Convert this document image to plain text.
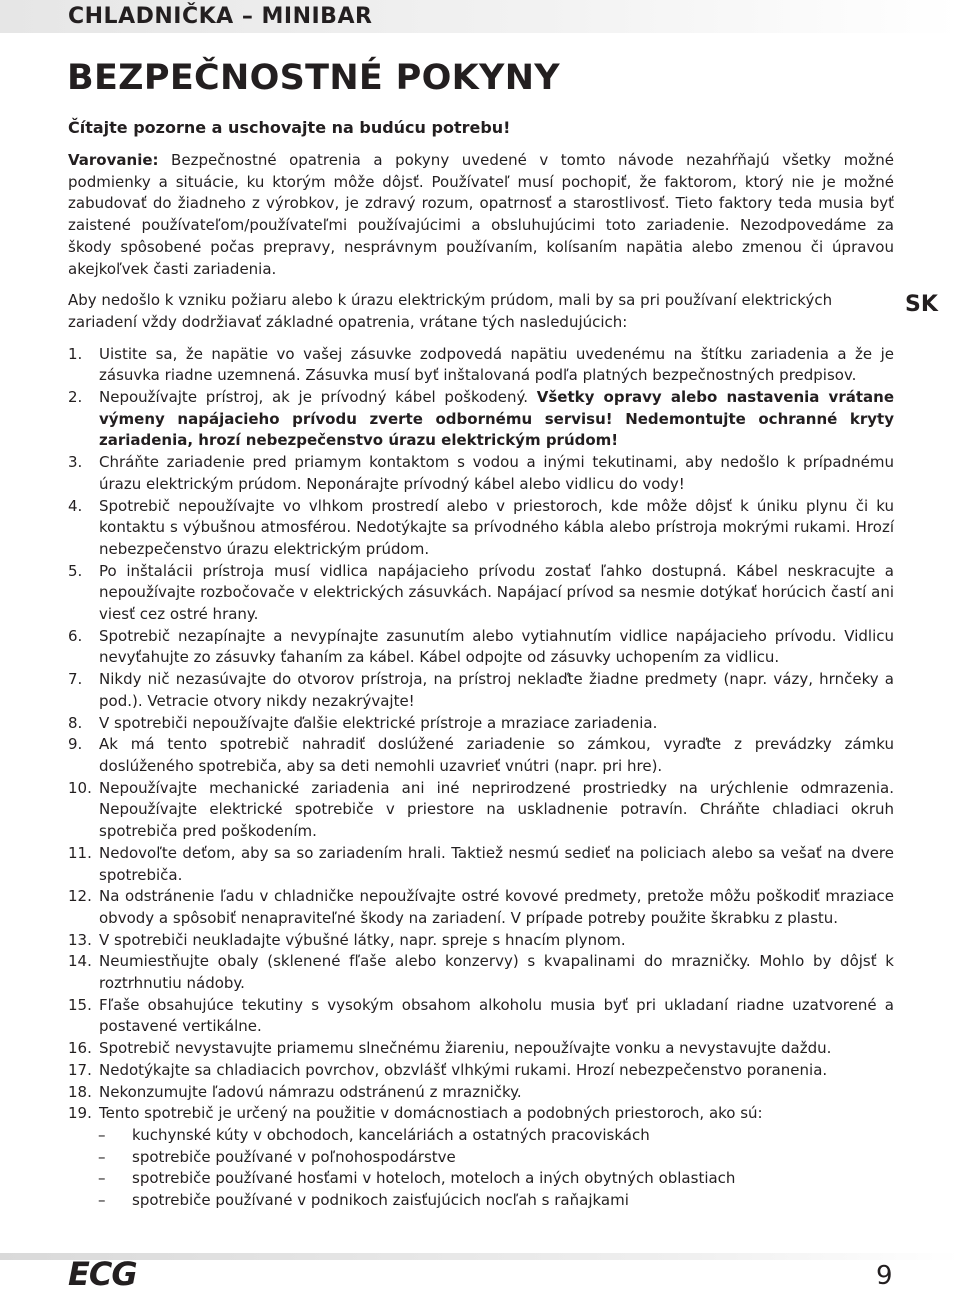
CHLADNIČKA – MINIBAR
BEZPEČNOSTNÉ POKYNY

Čítajte pozorne a uschovajte na budúcu potrebu!

SK

Varovanie: Bezpečnostné opatrenia a pokyny uvedené v tomto návode nezahŕňajú všetky možné podmienky a situácie, ku ktorým môže dôjsť. Používateľ musí pochopiť, že faktorom, ktorý nie je možné zabudovať do žiadneho z výrobkov, je zdravý rozum, opatrnosť a starostlivosť. Tieto faktory teda musia byť zaistené používateľom/používateľmi používajúcimi a obsluhujúcimi toto zariadenie. Nezodpovedáme za škody spôsobené počas prepravy, nesprávnym používaním, kolísaním napätia alebo zmenou či úpravou akejkoľvek časti zariadenia.

Aby nedošlo k vzniku požiaru alebo k úrazu elektrickým prúdom, mali by sa pri používaní elektrických zariadení vždy dodržiavať základné opatrenia, vrátane tých nasledujúcich:

1.	Uistite sa, že napätie vo vašej zásuvke zodpovedá napätiu uvedenému na štítku zariadenia a že je zásuvka riadne uzemnená. Zásuvka musí byť inštalovaná podľa platných bezpečnostných predpisov.
2.	Nepoužívajte prístroj, ak je prívodný kábel poškodený. Všetky opravy alebo nastavenia vrátane výmeny napájacieho prívodu zverte odbornému servisu! Nedemontujte ochranné kryty zariadenia, hrozí nebezpečenstvo úrazu elektrickým prúdom!
3.	Chráňte zariadenie pred priamym kontaktom s vodou a inými tekutinami, aby nedošlo k prípadnému úrazu elektrickým prúdom. Neponárajte prívodný kábel alebo vidlicu do vody!
4.	Spotrebič nepoužívajte vo vlhkom prostredí alebo v priestoroch, kde môže dôjsť k úniku plynu či ku kontaktu s výbušnou atmosférou. Nedotýkajte sa prívodného kábla alebo prístroja mokrými rukami. Hrozí nebezpečenstvo úrazu elektrickým prúdom.
5.	Po inštalácii prístroja musí vidlica napájacieho prívodu zostať ľahko dostupná. Kábel neskracujte a nepoužívajte rozbočovače v elektrických zásuvkách. Napájací prívod sa nesmie dotýkať horúcich častí ani viesť cez ostré hrany.
6.	Spotrebič nezapínajte a nevypínajte zasunutím alebo vytiahnutím vidlice napájacieho prívodu. Vidlicu nevyťahujte zo zásuvky ťahaním za kábel. Kábel odpojte od zásuvky uchopením za vidlicu.
7.	Nikdy nič nezasúvajte do otvorov prístroja, na prístroj neklaďte žiadne predmety (napr. vázy, hrnčeky a pod.). Vetracie otvory nikdy nezakrývajte!
8.	V spotrebiči nepoužívajte ďalšie elektrické prístroje a mraziace zariadenia.
9.	Ak má tento spotrebič nahradiť doslúžené zariadenie so zámkou, vyraďte z prevádzky zámku doslúženého spotrebiča, aby sa deti nemohli uzavrieť vnútri (napr. pri hre).
10. Nepoužívajte mechanické zariadenia ani iné neprirodzené prostriedky na urýchlenie odmrazenia. Nepoužívajte elektrické spotrebiče v priestore na uskladnenie potravín. Chráňte chladiaci okruh spotrebiča pred poškodením.
11. Nedovoľte deťom, aby sa so zariadením hrali. Taktiež nesmú sedieť na policiach alebo sa vešať na dvere spotrebiča.
12. Na odstránenie ľadu v chladničke nepoužívajte ostré kovové predmety, pretože môžu poškodiť mraziace obvody a spôsobiť nenapraviteľné škody na zariadení. V prípade potreby použite škrabku z plastu.
13. V spotrebiči neukladajte výbušné látky, napr. spreje s hnacím plynom.
14. Neumiestňujte obaly (sklenené fľaše alebo konzervy) s kvapalinami do mrazničky. Mohlo by dôjsť k roztrhnutiu nádoby.
15. Fľaše obsahujúce tekutiny s vysokým obsahom alkoholu musia byť pri ukladaní riadne uzatvorené a postavené vertikálne.
16. Spotrebič nevystavujte priamemu slnečnému žiareniu, nepoužívajte vonku a nevystavujte daždu.
17. Nedotýkajte sa chladiacich povrchov, obzvlášť vlhkými rukami. Hrozí nebezpečenstvo poranenia.
18. Nekonzumujte ľadovú námrazu odstránenú z mrazničky.
19. Tento spotrebič je určený na použitie v domácnostiach a podobných priestoroch, ako sú:
– kuchynské kúty v obchodoch, kanceláriách a ostatných pracoviskách
– spotrebiče používané v poľnohospodárstve
– spotrebiče používané hosťami v hoteloch, moteloch a iných obytných oblastiach
– spotrebiče používané v podnikoch zaisťujúcich nocľah s raňajkami
ECG	9
